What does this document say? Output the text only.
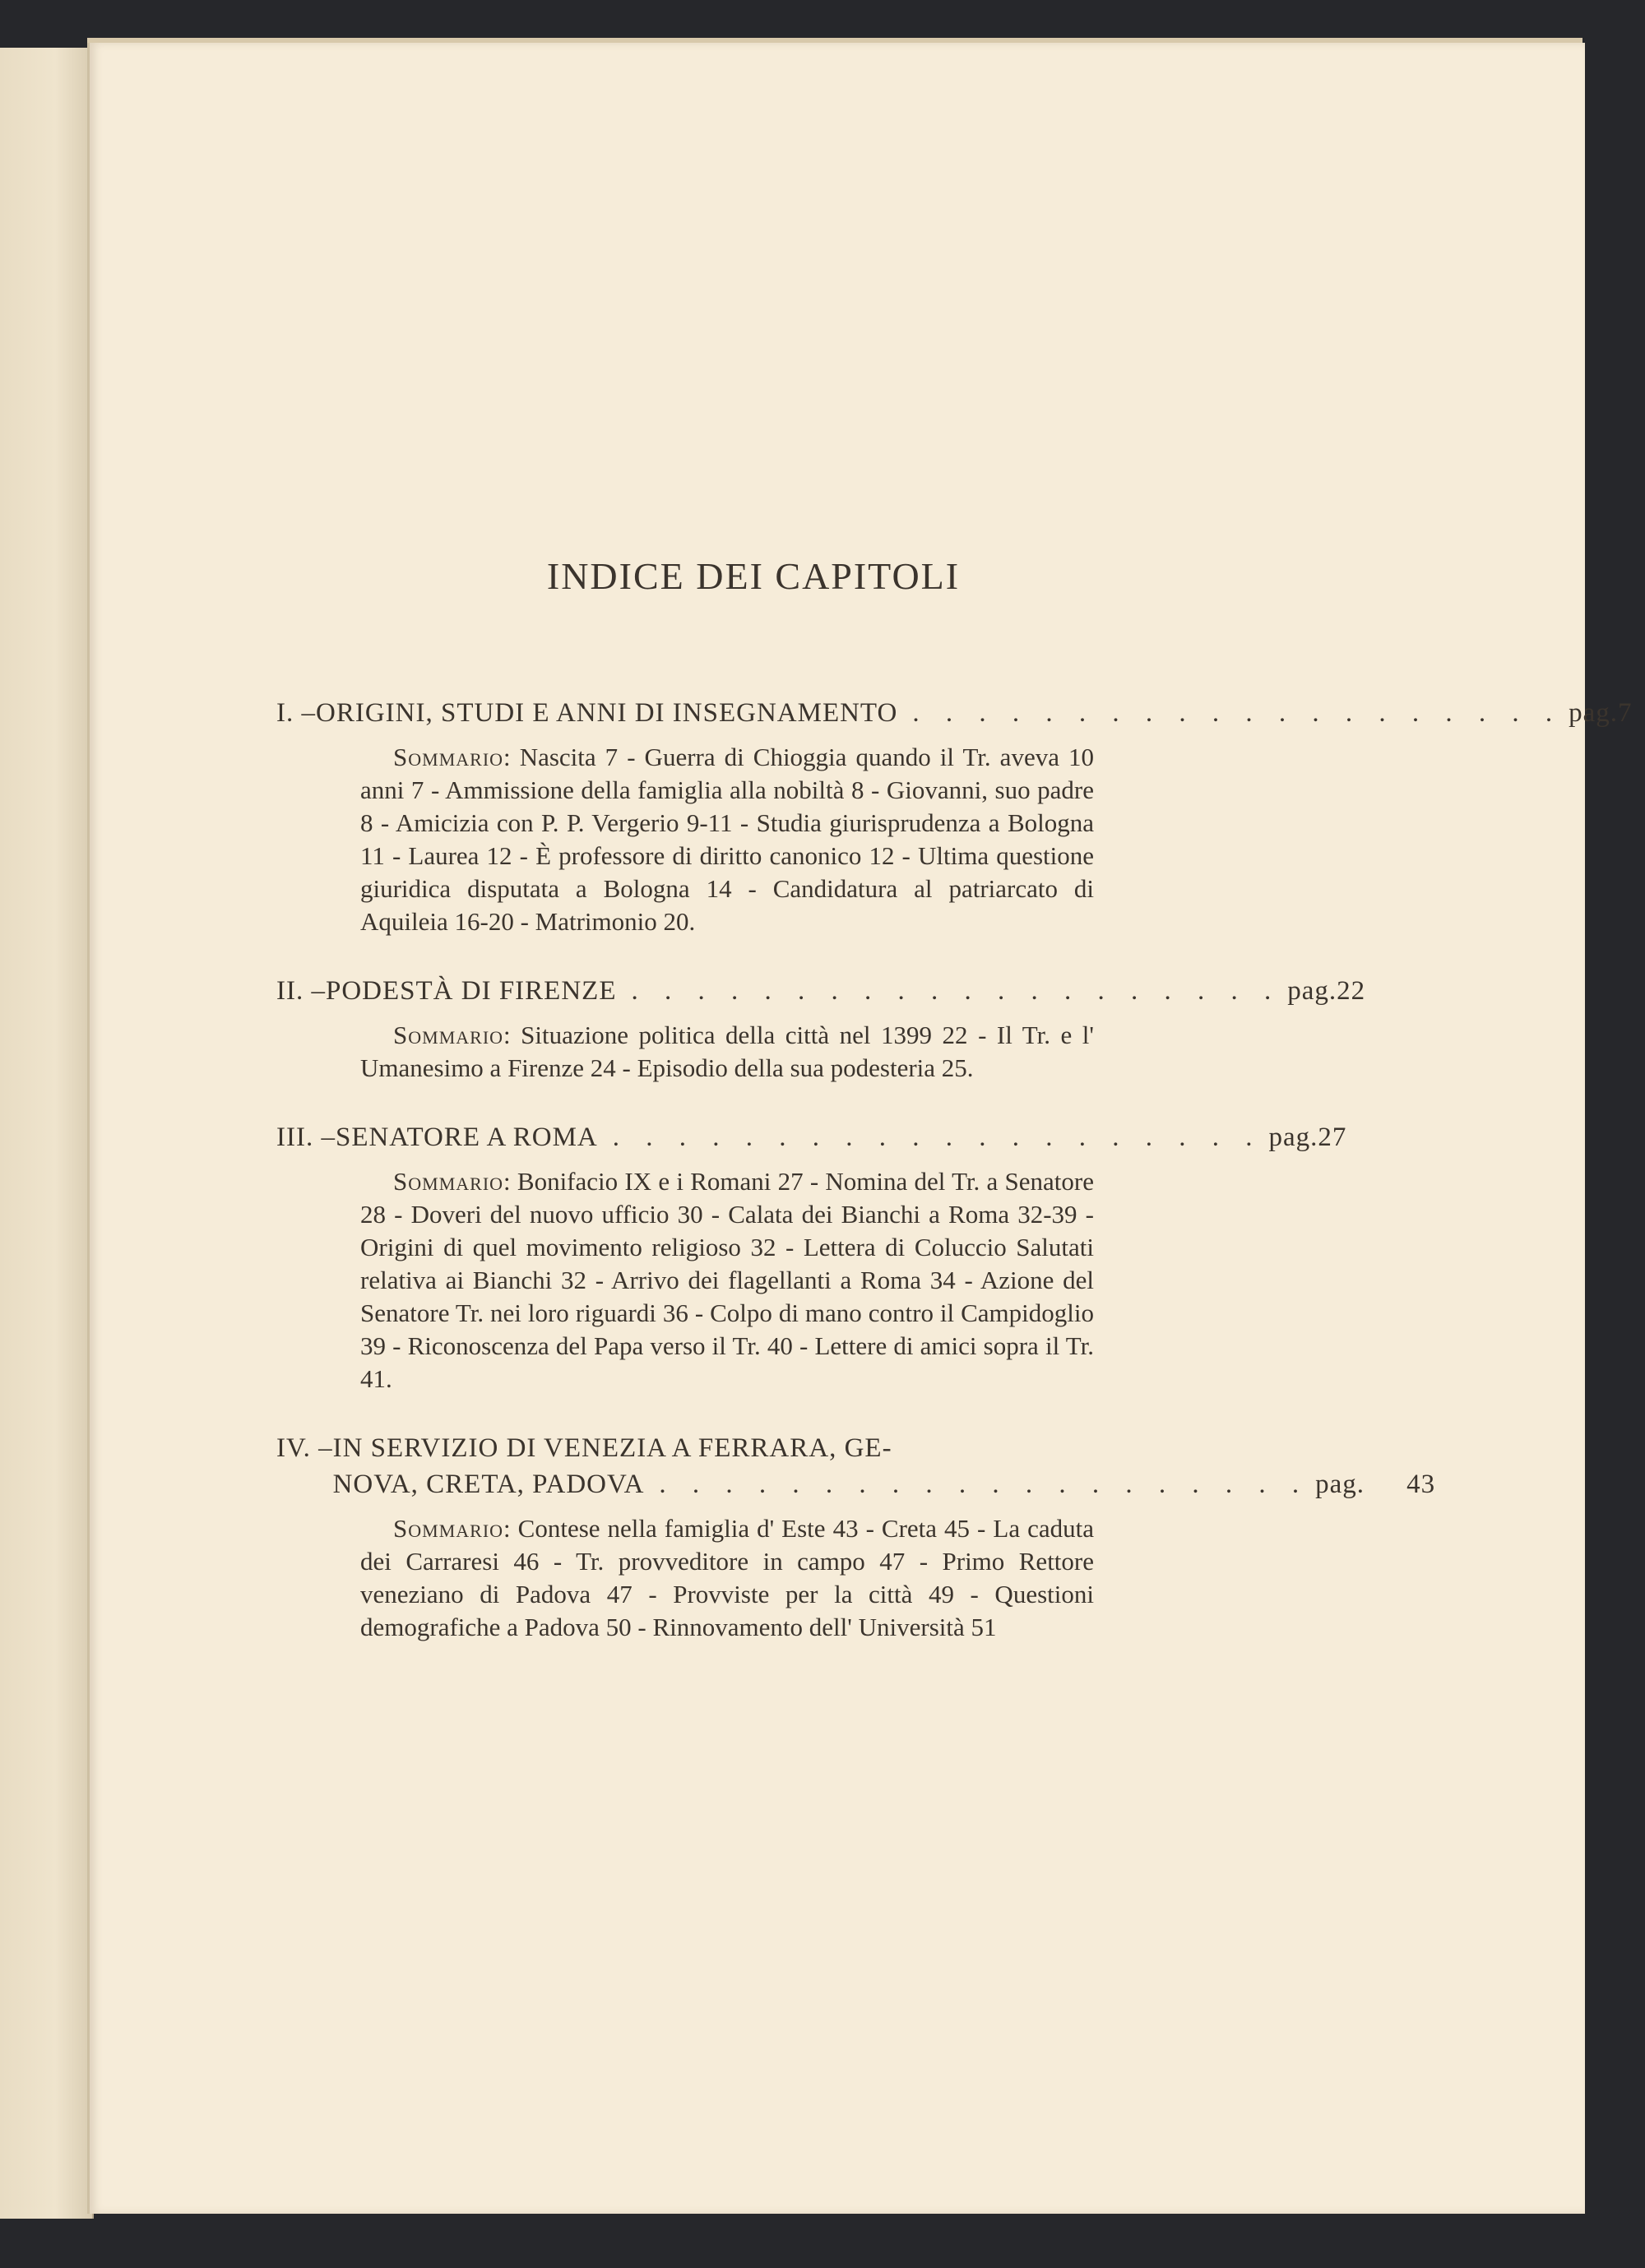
INDICE DEI CAPITOLI
I. – ORIGINI, STUDI E ANNI DI INSEGNAMENTO . . . . . . . . . . . . . . . . . . . . pag. 7
Sommario: Nascita 7 - Guerra di Chioggia quando il Tr. aveva 10 anni 7 - Ammissione della famiglia alla nobiltà 8 - Giovanni, suo padre 8 - Amicizia con P. P. Vergerio 9-11 - Studia giurisprudenza a Bologna 11 - Laurea 12 - È professore di diritto canonico 12 - Ultima questione giuridica disputata a Bologna 14 - Candidatura al patriarcato di Aquileia 16-20 - Matrimonio 20.
II. – PODESTÀ DI FIRENZE . . . . . . . . . . . . . . . . . . . . pag. 22
Sommario: Situazione politica della città nel 1399 22 - Il Tr. e l' Umanesimo a Firenze 24 - Episodio della sua podesteria 25.
III. – SENATORE A ROMA . . . . . . . . . . . . . . . . . . . . pag. 27
Sommario: Bonifacio IX e i Romani 27 - Nomina del Tr. a Senatore 28 - Doveri del nuovo ufficio 30 - Calata dei Bianchi a Roma 32-39 - Origini di quel movimento religioso 32 - Lettera di Coluccio Salutati relativa ai Bianchi 32 - Arrivo dei flagellanti a Roma 34 - Azione del Senatore Tr. nei loro riguardi 36 - Colpo di mano contro il Campidoglio 39 - Riconoscenza del Papa verso il Tr. 40 - Lettere di amici sopra il Tr. 41.
IV. – IN SERVIZIO DI VENEZIA A FERRARA, GE-
NOVA, CRETA, PADOVA . . . . . . . . . . . . . . . . . . . . pag.	43
Sommario: Contese nella famiglia d' Este 43 - Creta 45 - La caduta dei Carraresi 46 - Tr. provveditore in campo 47 - Primo Rettore veneziano di Padova 47 - Provviste per la città 49 - Questioni demografiche a Padova 50 - Rinnovamento dell' Università 51
